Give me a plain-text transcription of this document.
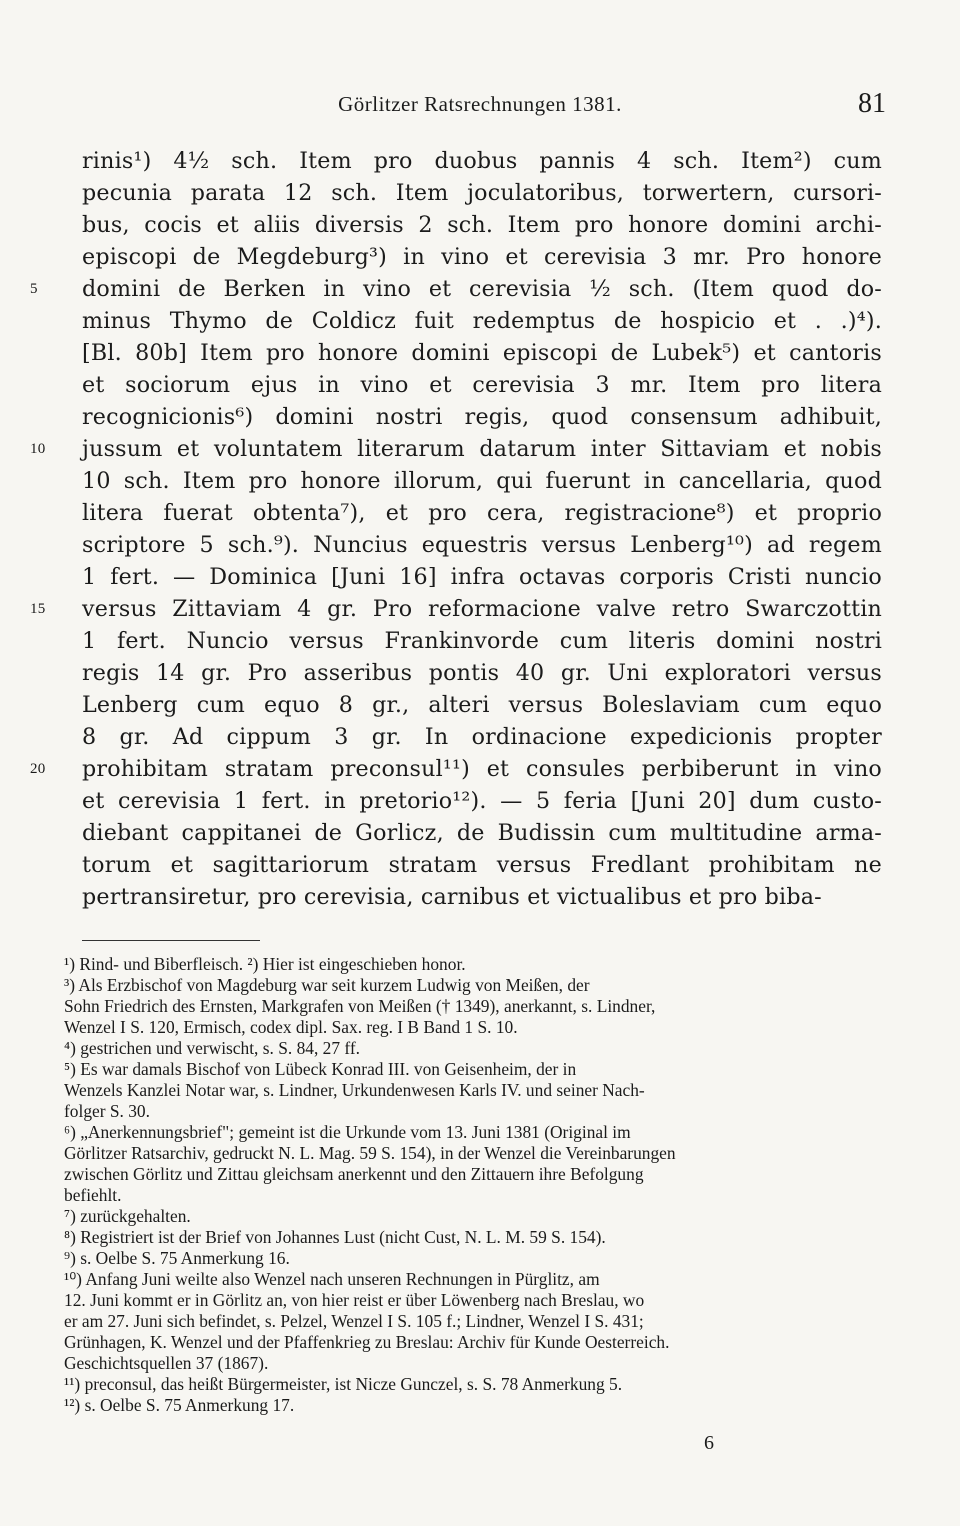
Görlitzer Ratsrechnungen 1381.	81
rinis¹) 4½ sch. Item pro duobus pannis 4 sch. Item²) cum
pecunia parata 12 sch. Item joculatoribus, torwertern, cursori-
bus, cocis et aliis diversis 2 sch. Item pro honore domini archi-
episcopi de Megdeburg³) in vino et cerevisia 3 mr. Pro honore
domini de Berken in vino et cerevisia ½ sch. (Item quod do-
5
minus Thymo de Coldicz fuit redemptus de hospicio et . .)⁴).
[Bl. 80b] Item pro honore domini episcopi de Lubek⁵) et cantoris
et sociorum ejus in vino et cerevisia 3 mr. Item pro litera
recognicionis⁶) domini nostri regis, quod consensum adhibuit,
jussum et voluntatem literarum datarum inter Sittaviam et nobis
10
10 sch. Item pro honore illorum, qui fuerunt in cancellaria, quod
litera fuerat obtenta⁷), et pro cera, registracione⁸) et proprio
scriptore 5 sch.⁹). Nuncius equestris versus Lenberg¹⁰) ad regem
1 fert. — Dominica [Juni 16] infra octavas corporis Cristi nuncio
versus Zittaviam 4 gr. Pro reformacione valve retro Swarczottin
15
1 fert. Nuncio versus Frankinvorde cum literis domini nostri
regis 14 gr. Pro asseribus pontis 40 gr. Uni exploratori versus
Lenberg cum equo 8 gr., alteri versus Boleslaviam cum equo
8 gr. Ad cippum 3 gr. In ordinacione expedicionis propter
prohibitam stratam preconsul¹¹) et consules perbiberunt in vino
20
et cerevisia 1 fert. in pretorio¹²). — 5 feria [Juni 20] dum custo-
diebant cappitanei de Gorlicz, de Budissin cum multitudine arma-
torum et sagittariorum stratam versus Fredlant prohibitam ne
pertransiretur, pro cerevisia, carnibus et victualibus et pro biba-
¹) Rind- und Biberfleisch. ²) Hier ist eingeschieben honor.
³) Als Erzbischof von Magdeburg war seit kurzem Ludwig von Meißen, der
Sohn Friedrich des Ernsten, Markgrafen von Meißen († 1349), anerkannt, s. Lindner,
Wenzel I S. 120, Ermisch, codex dipl. Sax. reg. I B Band 1 S. 10.
⁴) gestrichen und verwischt, s. S. 84, 27 ff.
⁵) Es war damals Bischof von Lübeck Konrad III. von Geisenheim, der in
Wenzels Kanzlei Notar war, s. Lindner, Urkundenwesen Karls IV. und seiner Nach-
folger S. 30.
⁶) „Anerkennungsbrief"; gemeint ist die Urkunde vom 13. Juni 1381 (Original im
Görlitzer Ratsarchiv, gedruckt N. L. Mag. 59 S. 154), in der Wenzel die Vereinbarungen
zwischen Görlitz und Zittau gleichsam anerkennt und den Zittauern ihre Befolgung
befiehlt.
⁷) zurückgehalten.
⁸) Registriert ist der Brief von Johannes Lust (nicht Cust, N. L. M. 59 S. 154).
⁹) s. Oelbe S. 75 Anmerkung 16.
¹⁰) Anfang Juni weilte also Wenzel nach unseren Rechnungen in Pürglitz, am
12. Juni kommt er in Görlitz an, von hier reist er über Löwenberg nach Breslau, wo
er am 27. Juni sich befindet, s. Pelzel, Wenzel I S. 105 f.; Lindner, Wenzel I S. 431;
Grünhagen, K. Wenzel und der Pfaffenkrieg zu Breslau: Archiv für Kunde Oesterreich.
Geschichtsquellen 37 (1867).
¹¹) preconsul, das heißt Bürgermeister, ist Nicze Gunczel, s. S. 78 Anmerkung 5.
¹²) s. Oelbe S. 75 Anmerkung 17.
6
